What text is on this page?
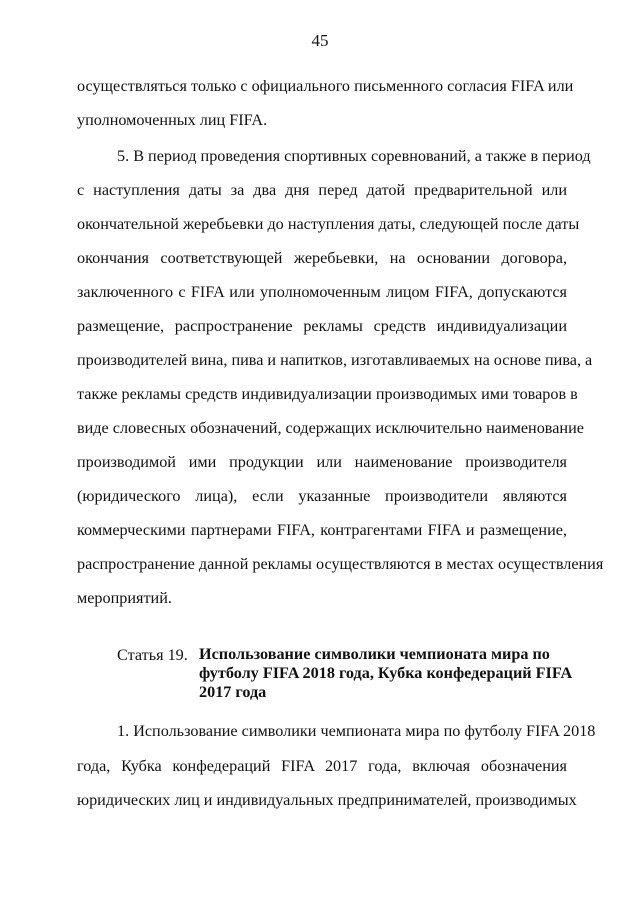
45
осуществляться только с официального письменного согласия FIFA или
уполномоченных лиц FIFA.
5. В период проведения спортивных соревнований, а также в период
с наступления даты за два дня перед датой предварительной или
окончательной жеребьевки до наступления даты, следующей после даты
окончания соответствующей жеребьевки, на основании договора,
заключенного с FIFA или уполномоченным лицом FIFA, допускаются
размещение, распространение рекламы средств индивидуализации
производителей вина, пива и напитков, изготавливаемых на основе пива, а
также рекламы средств индивидуализации производимых ими товаров в
виде словесных обозначений, содержащих исключительно наименование
производимой ими продукции или наименование производителя
(юридического лица), если указанные производители являются
коммерческими партнерами FIFA, контрагентами FIFA и размещение,
распространение данной рекламы осуществляются в местах осуществления
мероприятий.
Статья 19. Использование символики чемпионата мира по
футболу FIFA 2018 года, Кубка конфедераций FIFA
2017 года
1. Использование символики чемпионата мира по футболу FIFA 2018
года, Кубка конфедераций FIFA 2017 года, включая обозначения
юридических лиц и индивидуальных предпринимателей, производимых
